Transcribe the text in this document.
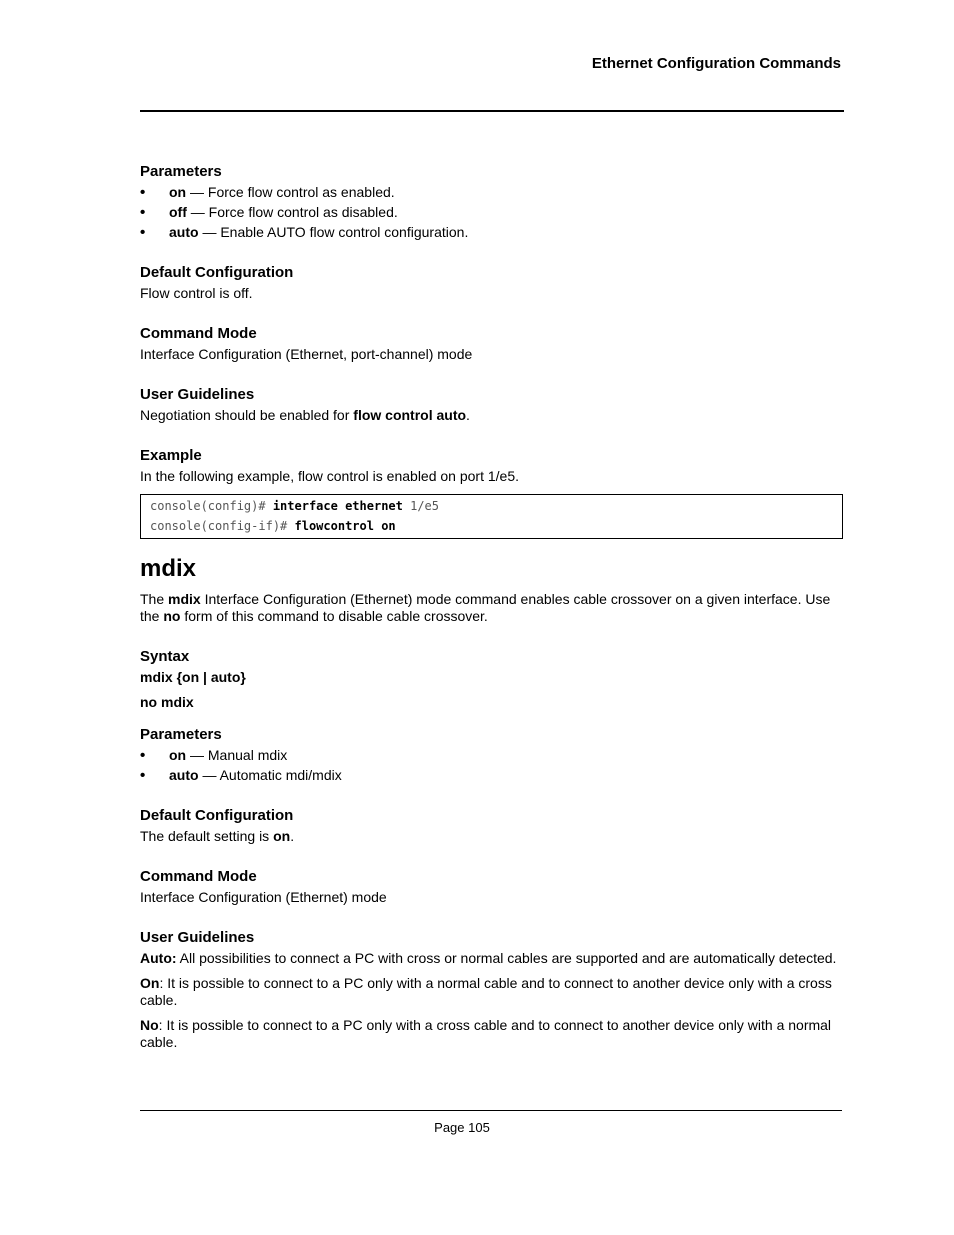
Ethernet Configuration Commands
Parameters
• on — Force flow control as enabled.
• off — Force flow control as disabled.
• auto — Enable AUTO flow control configuration.
Default Configuration

Flow control is off.

Command Mode

Interface Configuration (Ethernet, port-channel) mode

User Guidelines

Negotiation should be enabled for flow control auto.

Example

In the following example, flow control is enabled on port 1/e5.

console(config)# interface ethernet 1/e5
console(config-if)# flowcontrol on
mdix

The mdix Interface Configuration (Ethernet) mode command enables cable crossover on a given interface. Use the no form of this command to disable cable crossover.

Syntax

mdix {on | auto}

no mdix

Parameters
• on — Manual mdix
• auto — Automatic mdi/mdix
Default Configuration

The default setting is on.

Command Mode

Interface Configuration (Ethernet) mode

User Guidelines

Auto: All possibilities to connect a PC with cross or normal cables are supported and are automatically detected.

On: It is possible to connect to a PC only with a normal cable and to connect to another device only with a cross cable.

No: It is possible to connect to a PC only with a cross cable and to connect to another device only with a normal cable.

Page 105
